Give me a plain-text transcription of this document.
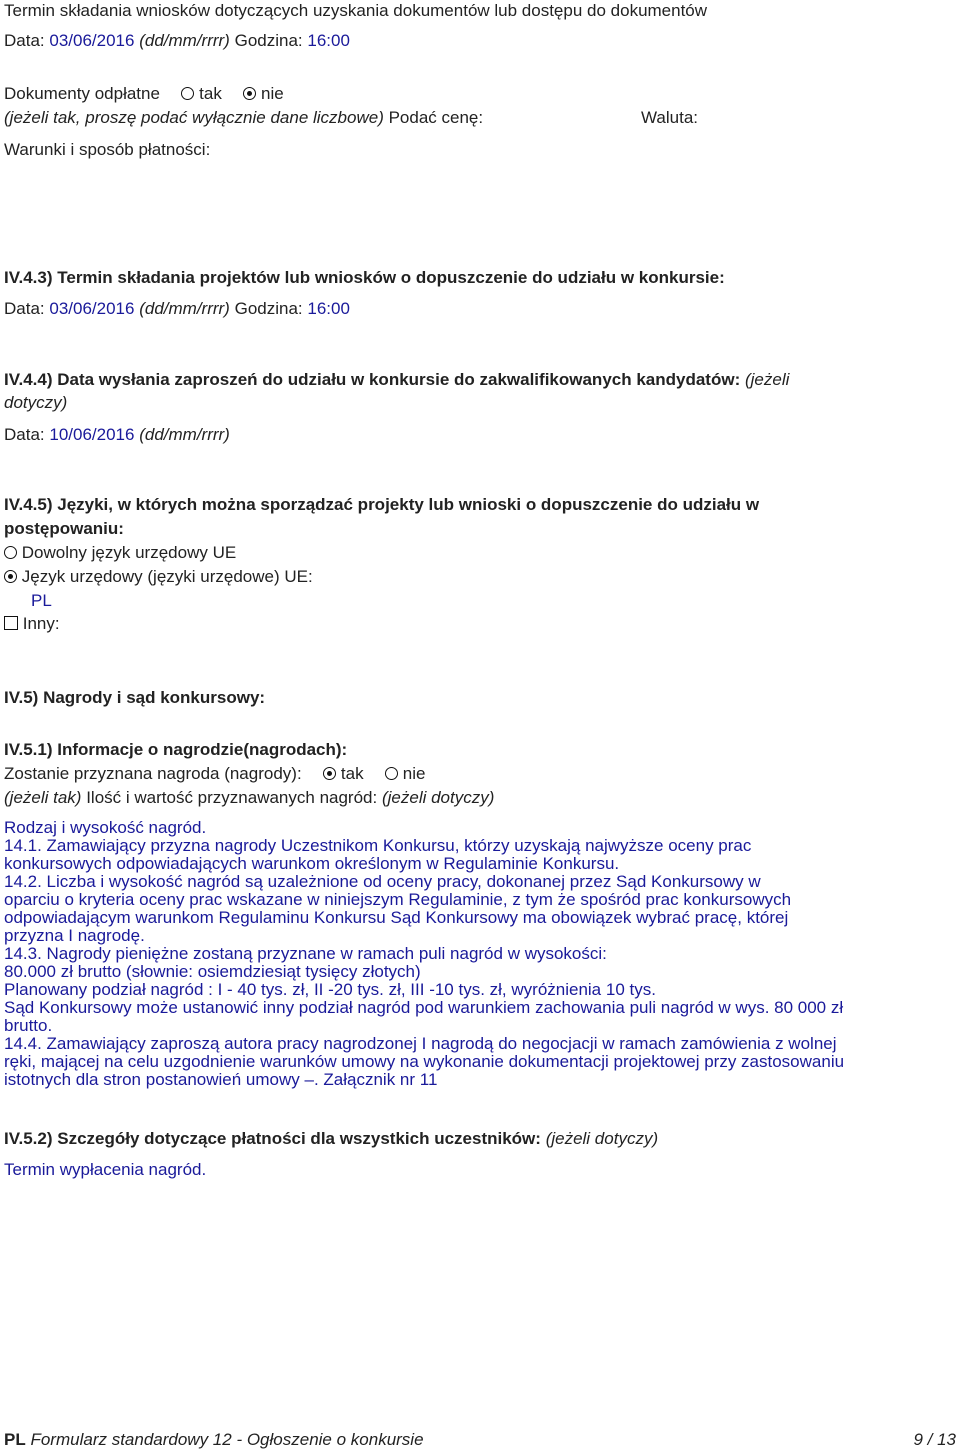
Termin składania wniosków dotyczących uzyskania dokumentów lub dostępu do dokumentów
Data: 03/06/2016 (dd/mm/rrrr) Godzina: 16:00
Dokumenty odpłatne tak nie
(jeżeli tak, proszę podać wyłącznie dane liczbowe) Podać cenę:	Waluta:
Warunki i sposób płatności:
IV.4.3) Termin składania projektów lub wniosków o dopuszczenie do udziału w konkursie:
Data: 03/06/2016 (dd/mm/rrrr) Godzina: 16:00
IV.4.4) Data wysłania zaproszeń do udziału w konkursie do zakwalifikowanych kandydatów: (jeżeli
dotyczy)
Data: 10/06/2016 (dd/mm/rrrr)
IV.4.5) Języki, w których można sporządzać projekty lub wnioski o dopuszczenie do udziału w
postępowaniu:
Dowolny język urzędowy UE
Język urzędowy (języki urzędowe) UE:
PL
Inny:
IV.5) Nagrody i sąd konkursowy:
IV.5.1) Informacje o nagrodzie(nagrodach):
Zostanie przyznana nagroda (nagrody): tak nie
(jeżeli tak) Ilość i wartość przyznawanych nagród: (jeżeli dotyczy)
Rodzaj i wysokość nagród.
14.1. Zamawiający przyzna nagrody Uczestnikom Konkursu, którzy uzyskają najwyższe oceny prac
konkursowych odpowiadających warunkom określonym w Regulaminie Konkursu.
14.2. Liczba i wysokość nagród są uzależnione od oceny pracy, dokonanej przez Sąd Konkursowy w
oparciu o kryteria oceny prac wskazane w niniejszym Regulaminie, z tym że spośród prac konkursowych
odpowiadającym warunkom Regulaminu Konkursu Sąd Konkursowy ma obowiązek wybrać pracę, której
przyzna I nagrodę.
14.3. Nagrody pieniężne zostaną przyznane w ramach puli nagród w wysokości:
80.000 zł brutto (słownie: osiemdziesiąt tysięcy złotych)
Planowany podział nagród : I - 40 tys. zł, II -20 tys. zł, III -10 tys. zł, wyróżnienia 10 tys.
Sąd Konkursowy może ustanowić inny podział nagród pod warunkiem zachowania puli nagród w wys. 80 000 zł
brutto.
14.4. Zamawiający zaproszą autora pracy nagrodzonej I nagrodą do negocjacji w ramach zamówienia z wolnej
ręki, mającej na celu uzgodnienie warunków umowy na wykonanie dokumentacji projektowej przy zastosowaniu
istotnych dla stron postanowień umowy –. Załącznik nr 11
IV.5.2) Szczegóły dotyczące płatności dla wszystkich uczestników: (jeżeli dotyczy)
Termin wypłacenia nagród.
PL Formularz standardowy 12 - Ogłoszenie o konkursie	9 / 13
